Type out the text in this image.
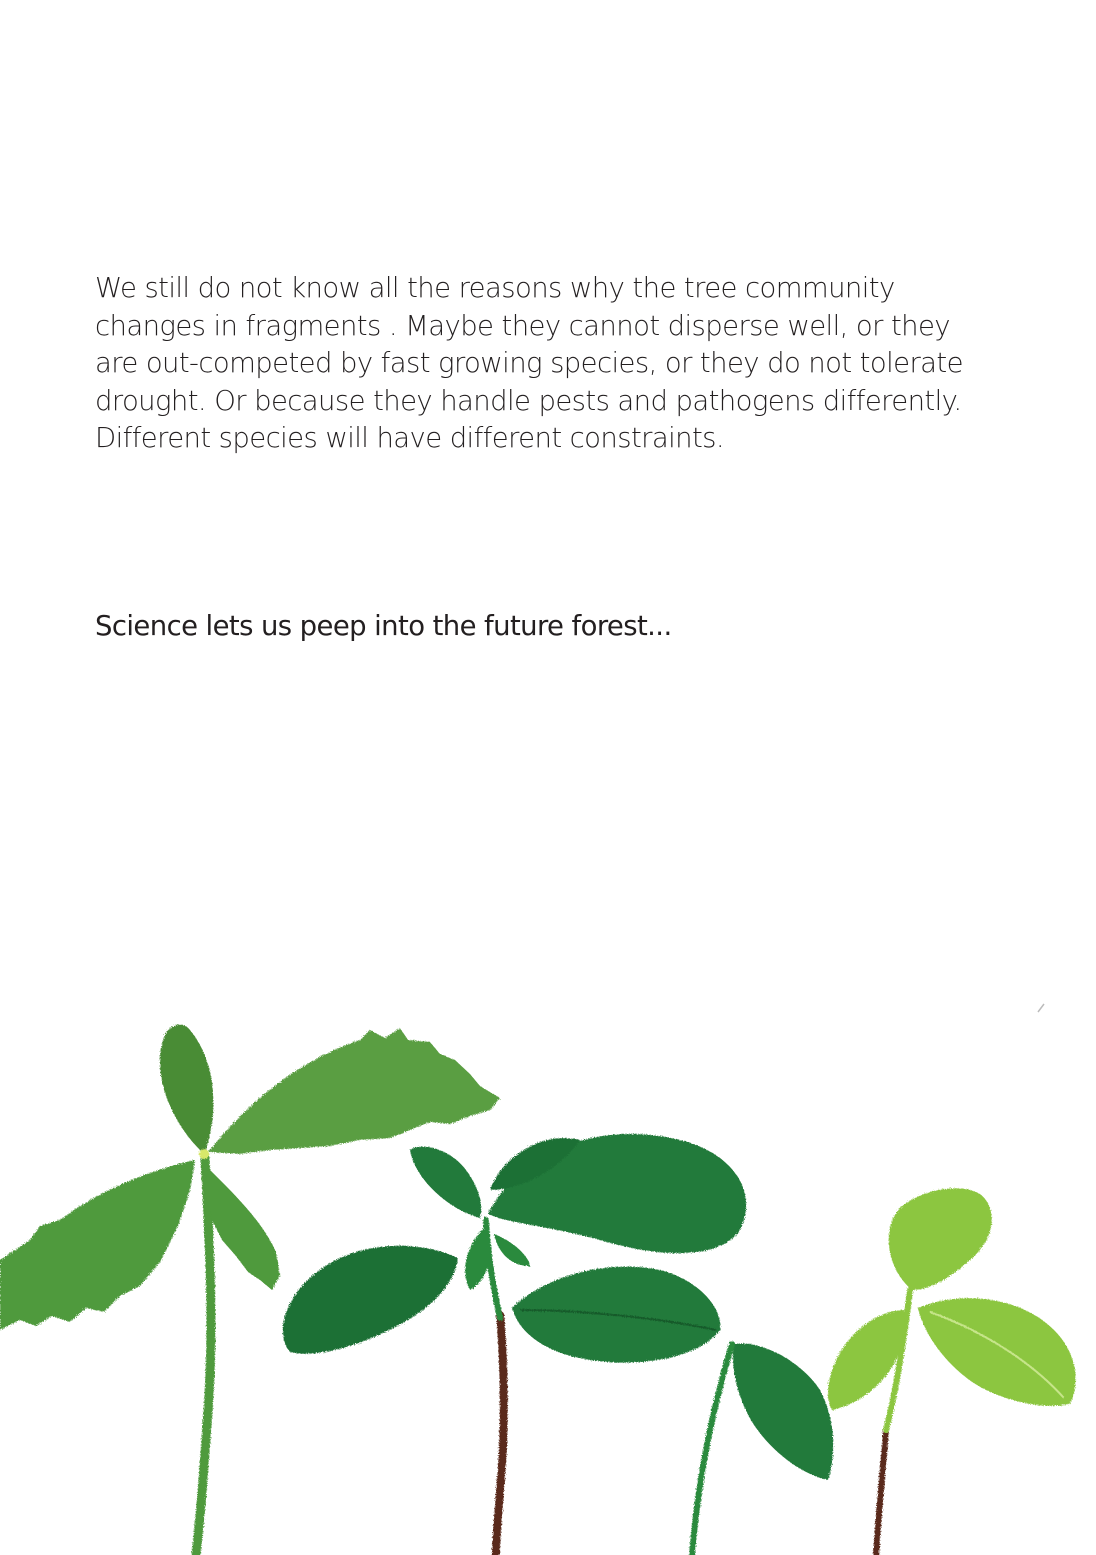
We still do not know all the reasons why the tree community
changes in fragments . Maybe they cannot disperse well, or they
are out-competed by fast growing species, or they do not tolerate
drought. Or because they handle pests and pathogens differently.
Different species will have different constraints.
Science lets us peep into the future forest...
